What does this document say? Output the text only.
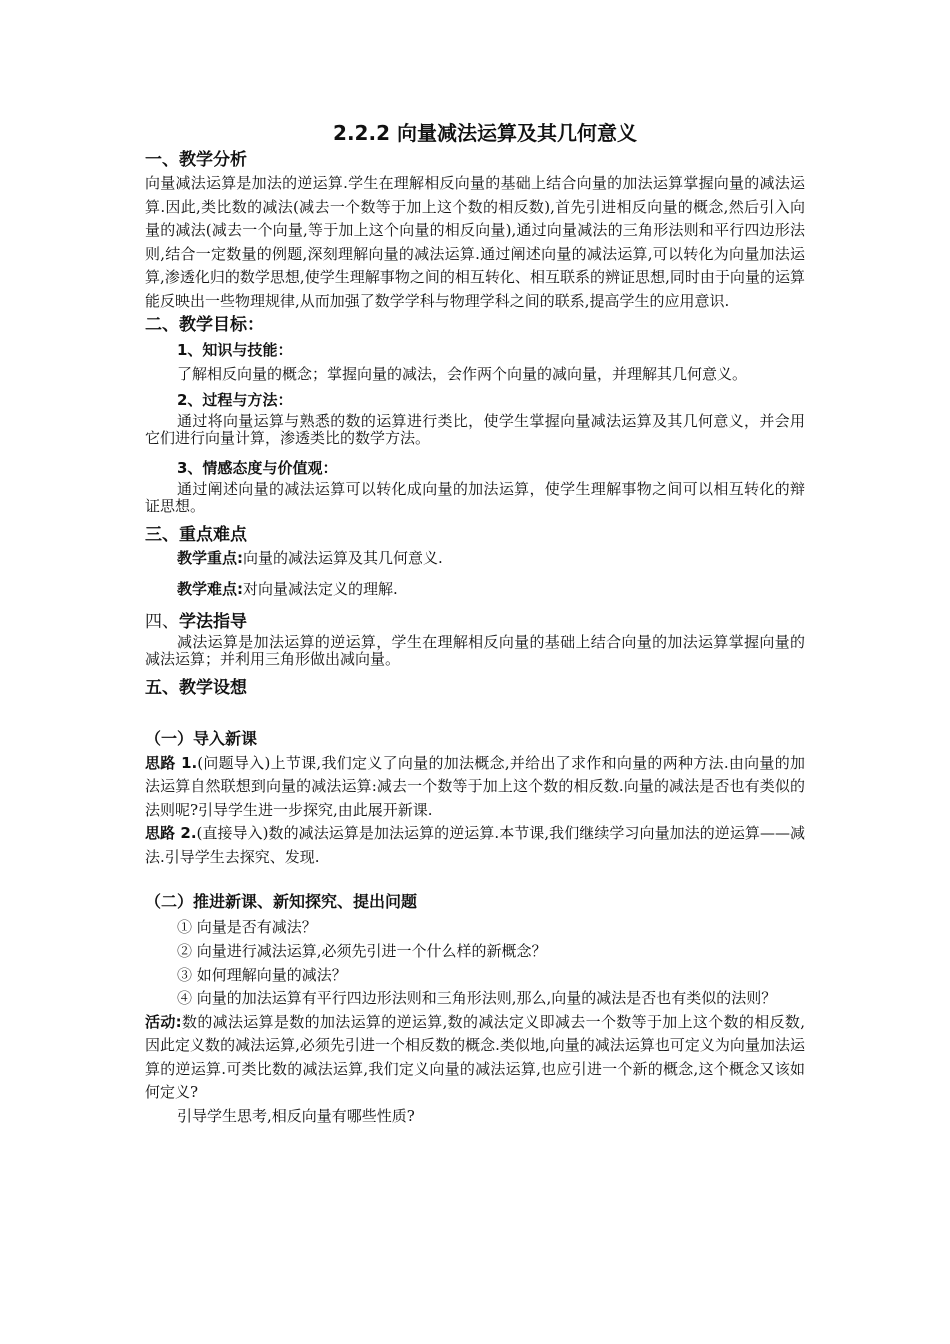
2.2.2 向量减法运算及其几何意义

一、教学分析

向量减法运算是加法的逆运算.学生在理解相反向量的基础上结合向量的加法运算掌握向量的减法运算.因此,类比数的减法(减去一个数等于加上这个数的相反数),首先引进相反向量的概念,然后引入向量的减法(减去一个向量,等于加上这个向量的相反向量),通过向量减法的三角形法则和平行四边形法则,结合一定数量的例题,深刻理解向量的减法运算.通过阐述向量的减法运算,可以转化为向量加法运算,渗透化归的数学思想,使学生理解事物之间的相互转化、相互联系的辨证思想,同时由于向量的运算能反映出一些物理规律,从而加强了数学学科与物理学科之间的联系,提高学生的应用意识.

二、教学目标：

1、知识与技能：

了解相反向量的概念；掌握向量的减法，会作两个向量的减向量，并理解其几何意义。

2、过程与方法：

通过将向量运算与熟悉的数的运算进行类比，使学生掌握向量减法运算及其几何意义，并会用它们进行向量计算，渗透类比的数学方法。

3、情感态度与价值观：

通过阐述向量的减法运算可以转化成向量的加法运算，使学生理解事物之间可以相互转化的辩证思想。

三、重点难点

教学重点:向量的减法运算及其几何意义.

教学难点:对向量减法定义的理解.

四、学法指导

减法运算是加法运算的逆运算，学生在理解相反向量的基础上结合向量的加法运算掌握向量的减法运算；并利用三角形做出减向量。

五、教学设想

（一）导入新课

思路 1.(问题导入)上节课,我们定义了向量的加法概念,并给出了求作和向量的两种方法.由向量的加法运算自然联想到向量的减法运算:减去一个数等于加上这个数的相反数.向量的减法是否也有类似的法则呢?引导学生进一步探究,由此展开新课.

思路 2.(直接导入)数的减法运算是加法运算的逆运算.本节课,我们继续学习向量加法的逆运算——减法.引导学生去探究、发现.

（二）推进新课、新知探究、提出问题

① 向量是否有减法？

② 向量进行减法运算,必须先引进一个什么样的新概念？

③ 如何理解向量的减法？

④ 向量的加法运算有平行四边形法则和三角形法则,那么,向量的减法是否也有类似的法则？

活动:数的减法运算是数的加法运算的逆运算,数的减法定义即减去一个数等于加上这个数的相反数,因此定义数的减法运算,必须先引进一个相反数的概念.类似地,向量的减法运算也可定义为向量加法运算的逆运算.可类比数的减法运算,我们定义向量的减法运算,也应引进一个新的概念,这个概念又该如何定义?

引导学生思考,相反向量有哪些性质?
